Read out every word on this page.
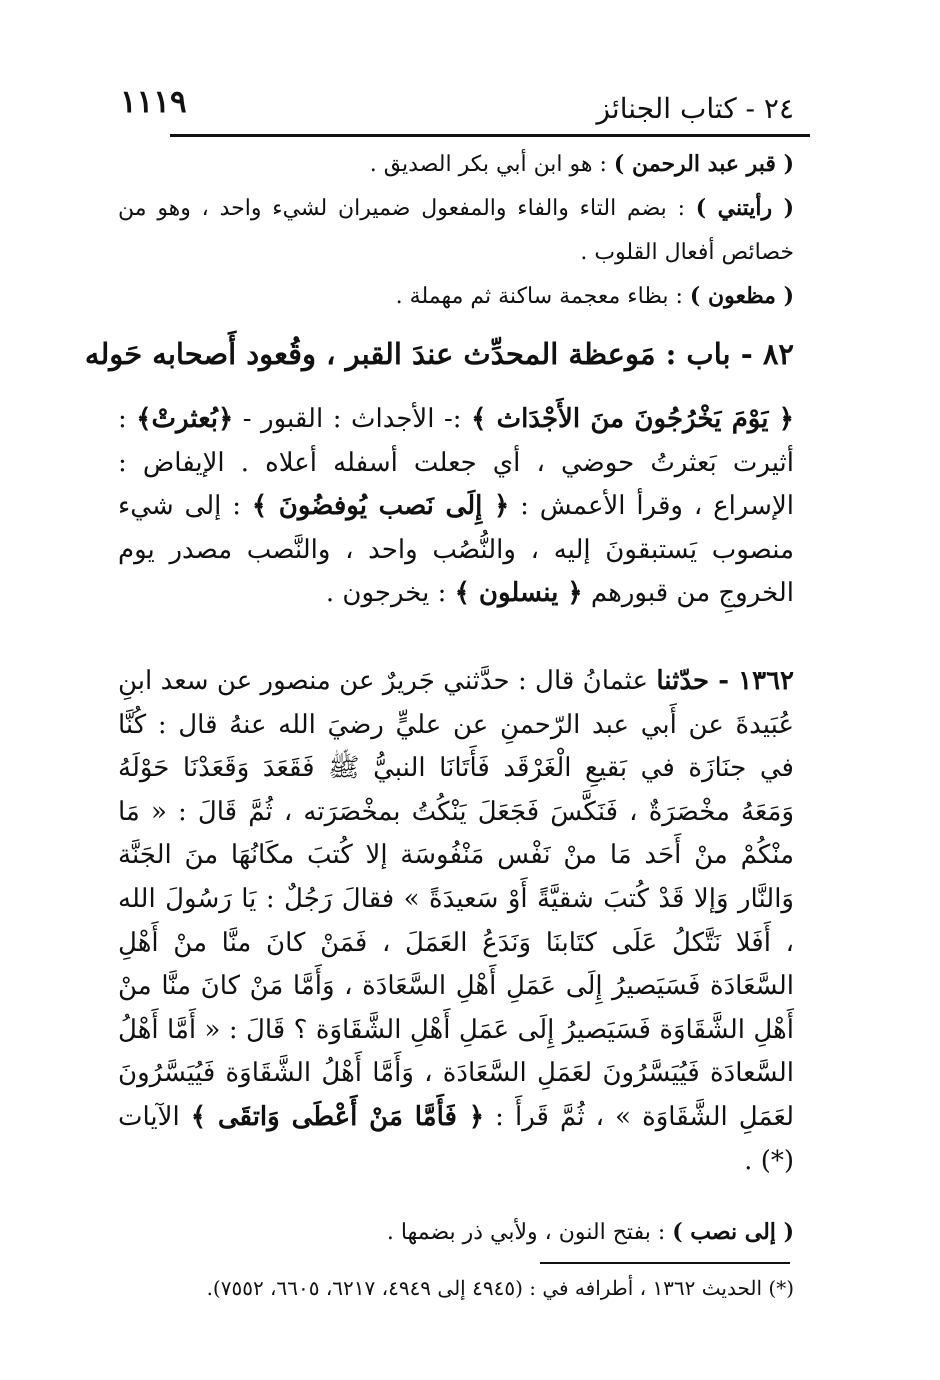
٢٤ - كتاب الجنائز
١١١٩
( قبر عبد الرحمن ) : هو ابن أبي بكر الصديق .
( رأيتني ) : بضم التاء والفاء والمفعول ضميران لشيء واحد ، وهو من خصائص أفعال القلوب .
( مظعون ) : بظاء معجمة ساكنة ثم مهملة .
٨٢ - باب : مَوعظة المحدِّث عندَ القبر ، وقُعود أَصحابه حَوله
﴿ يَوْمَ يَخْرُجُونَ منَ الأَجْدَاث ﴾ :- الأجداث : القبور - ﴿بُعثرتْ﴾ : أثيرت بَعثرتُ حوضي ، أي جعلت أسفله أعلاه . الإيفاض : الإسراع ، وقرأ الأعمش : ﴿ إِلَى نَصب يُوفضُونَ ﴾ : إلى شيء منصوب يَستبقونَ إليه ، والنُّصُب واحد ، والنَّصب مصدر يوم الخروجِ من قبورهم ﴿ ينسلون ﴾ : يخرجون .
١٣٦٢ - حدّثنا عثمانُ قال : حدَّثني جَريرٌ عن منصور عن سعد ابنِ عُبَيدةَ عن أَبي عبد الرّحمنِ عن عليٍّ رضيَ الله عنهُ قال : كُنَّا في جنَازَة في بَقيعِ الْغَرْقَد فَأَتَانَا النبيُّ ﷺ فَقَعَدَ وَقَعَدْنَا حَوْلَهُ وَمَعَهُ مخْصَرَةٌ ، فَنَكَّسَ فَجَعَلَ يَنْكُتُ بمخْصَرَته ، ثُمَّ قَالَ : « مَا منْكُمْ منْ أَحَد مَا منْ نَفْس مَنْفُوسَة إلا كُتبَ مكَانُهَا منَ الجَنَّة وَالنَّار وَإلا قَدْ كُتبَ شقيَّةً أَوْ سَعيدَةً » فقالَ رَجُلٌ : يَا رَسُولَ الله ، أَفَلا نَتَّكلُ عَلَى كتَابنَا وَنَدَعُ العَمَلَ ، فَمَنْ كانَ منَّا منْ أَهْلِ السَّعَادَة فَسَيَصيرُ إِلَى عَمَلِ أَهْلِ السَّعَادَة ، وَأَمَّا مَنْ كانَ منَّا منْ أَهْلِ الشَّقَاوَة فَسَيَصيرُ إِلَى عَمَلِ أَهْلِ الشَّقَاوَة ؟ قَالَ : « أَمَّا أَهْلُ السَّعادَة فَيُيَسَّرُونَ لعَمَلِ السَّعَادَة ، وَأَمَّا أَهْلُ الشَّقَاوَة فَيُيَسَّرُونَ لعَمَلِ الشَّقَاوَة » ، ثُمَّ قَرأَ : ﴿ فَأَمَّا مَنْ أَعْطَى وَاتقَى ﴾ الآيات (*) .
( إلى نصب ) : بفتح النون ، ولأبي ذر بضمها .
(*) الحديث ١٣٦٢ ، أطرافه في : (٤٩٤٥ إلى ٤٩٤٩، ٦٢١٧، ٦٦٠٥، ٧٥٥٢).
